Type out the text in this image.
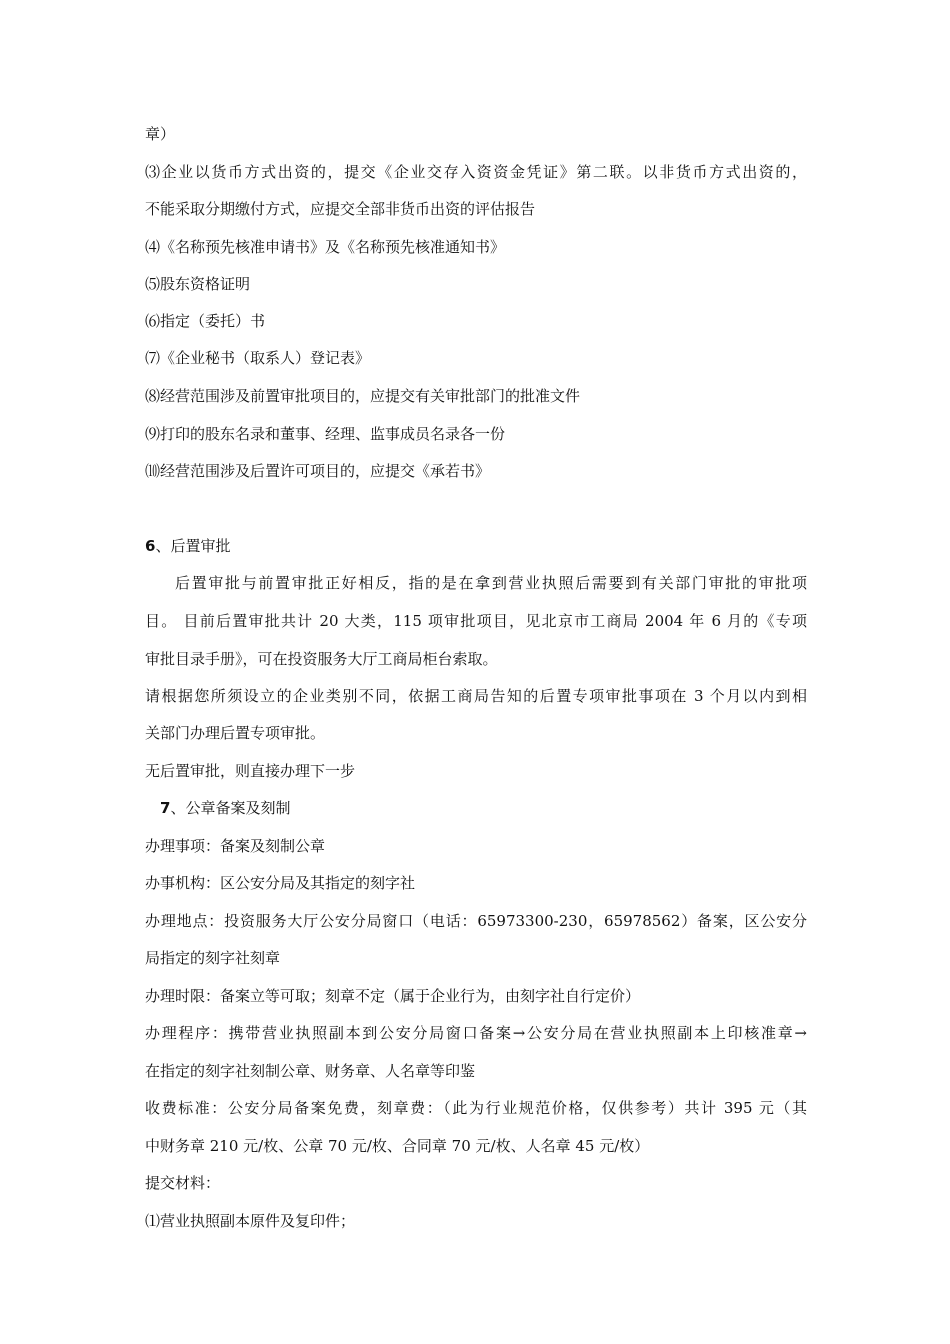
章）
⑶企业以货币方式出资的，提交《企业交存入资资金凭证》第二联。以非货币方式出资的，
不能采取分期缴付方式，应提交全部非货币出资的评估报告
⑷《名称预先核准申请书》及《名称预先核准通知书》
⑸股东资格证明
⑹指定（委托）书
⑺《企业秘书（取系人）登记表》
⑻经营范围涉及前置审批项目的，应提交有关审批部门的批准文件
⑼打印的股东名录和董事、经理、监事成员名录各一份
⑽经营范围涉及后置许可项目的，应提交《承若书》
6、后置审批
后置审批与前置审批正好相反，指的是在拿到营业执照后需要到有关部门审批的审批项
目。 目前后置审批共计 20 大类，115 项审批项目，见北京市工商局 2004 年 6 月的《专项
审批目录手册》，可在投资服务大厅工商局柜台索取。
请根据您所须设立的企业类别不同，依据工商局告知的后置专项审批事项在 3 个月以内到相
关部门办理后置专项审批。
无后置审批，则直接办理下一步
7、公章备案及刻制
办理事项：备案及刻制公章
办事机构：区公安分局及其指定的刻字社
办理地点：投资服务大厅公安分局窗口（电话：65973300-230，65978562）备案，区公安分
局指定的刻字社刻章
办理时限：备案立等可取；刻章不定（属于企业行为，由刻字社自行定价）
办理程序：携带营业执照副本到公安分局窗口备案→公安分局在营业执照副本上印核准章→
在指定的刻字社刻制公章、财务章、人名章等印鉴
收费标准：公安分局备案免费，刻章费：（此为行业规范价格，仅供参考）共计 395 元（其
中财务章 210 元/枚、公章 70 元/枚、合同章 70 元/枚、人名章 45 元/枚）
提交材料：
⑴营业执照副本原件及复印件；
